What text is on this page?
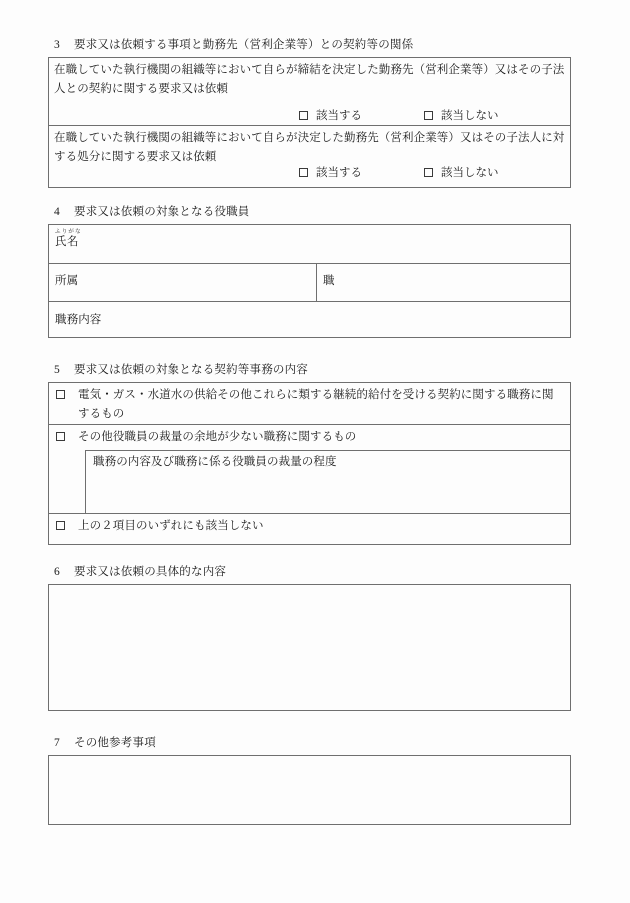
3 要求又は依頼する事項と勤務先（営利企業等）との契約等の関係
在職していた執行機関の組織等において自らが締結を決定した勤務先（営利企業等）又はその子法人との契約に関する要求又は依頼
該当する	該当しない
在職していた執行機関の組織等において自らが決定した勤務先（営利企業等）又はその子法人に対する処分に関する要求又は依頼
該当する	該当しない
4 要求又は依頼の対象となる役職員
ふりがな
氏名
所属	職
職務内容
5 要求又は依頼の対象となる契約等事務の内容
電気・ガス・水道水の供給その他これらに類する継続的給付を受ける契約に関する職務に関するもの
その他役職員の裁量の余地が少ない職務に関するもの
職務の内容及び職務に係る役職員の裁量の程度
上の２項目のいずれにも該当しない
6 要求又は依頼の具体的な内容
7 その他参考事項
